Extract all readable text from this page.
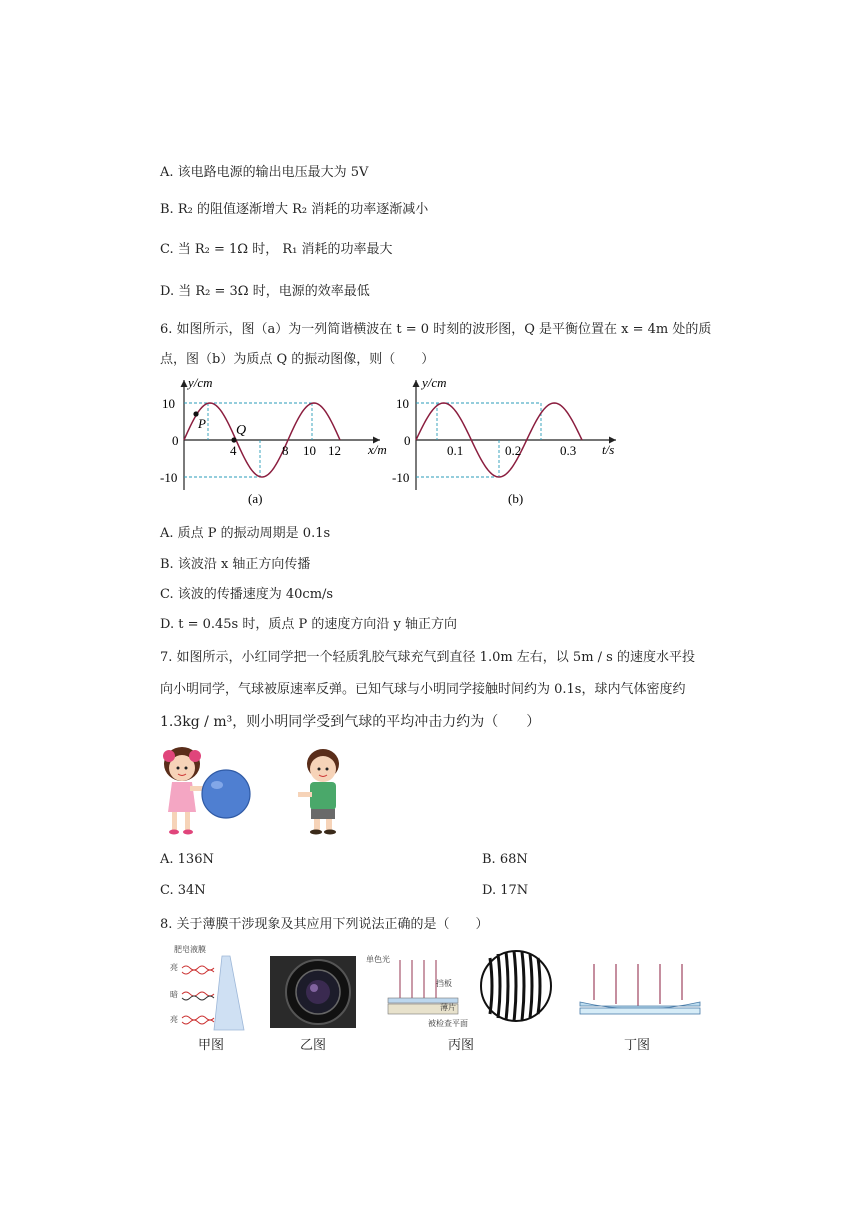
A. 该电路电源的输出电压最大为 5V
B. R₂ 的阻值逐渐增大 R₂ 消耗的功率逐渐减小
C. 当 R₂ = 1Ω 时， R₁ 消耗的功率最大
D. 当 R₂ = 3Ω 时，电源的效率最低
6. 如图所示，图（a）为一列简谐横波在 t = 0 时刻的波形图，Q 是平衡位置在 x = 4m 处的质
点，图（b）为质点 Q 的振动图像，则（　　）
P Q
y/cm
x/m
10
0
-10
4	8 10 12
(a)
y/cm
t/s
10
0
-10
0.1	0.2	0.3
(b)
A. 质点 P 的振动周期是 0.1s
B. 该波沿 x 轴正方向传播
C. 该波的传播速度为 40cm/s
D. t = 0.45s 时，质点 P 的速度方向沿 y 轴正方向
7. 如图所示，小红同学把一个轻质乳胶气球充气到直径 1.0m 左右，以 5m / s 的速度水平投
向小明同学，气球被原速率反弹。已知气球与小明同学接触时间约为 0.1s，球内气体密度约
1.3kg / m³，则小明同学受到气球的平均冲击力约为（　　）
A. 136N	B. 68N
C. 34N	D. 17N
8. 关于薄膜干涉现象及其应用下列说法正确的是（　　）
肥皂液膜
亮
暗
亮
单色光
挡板
薄片
被检查平面
甲图	乙图	丙图	丁图
